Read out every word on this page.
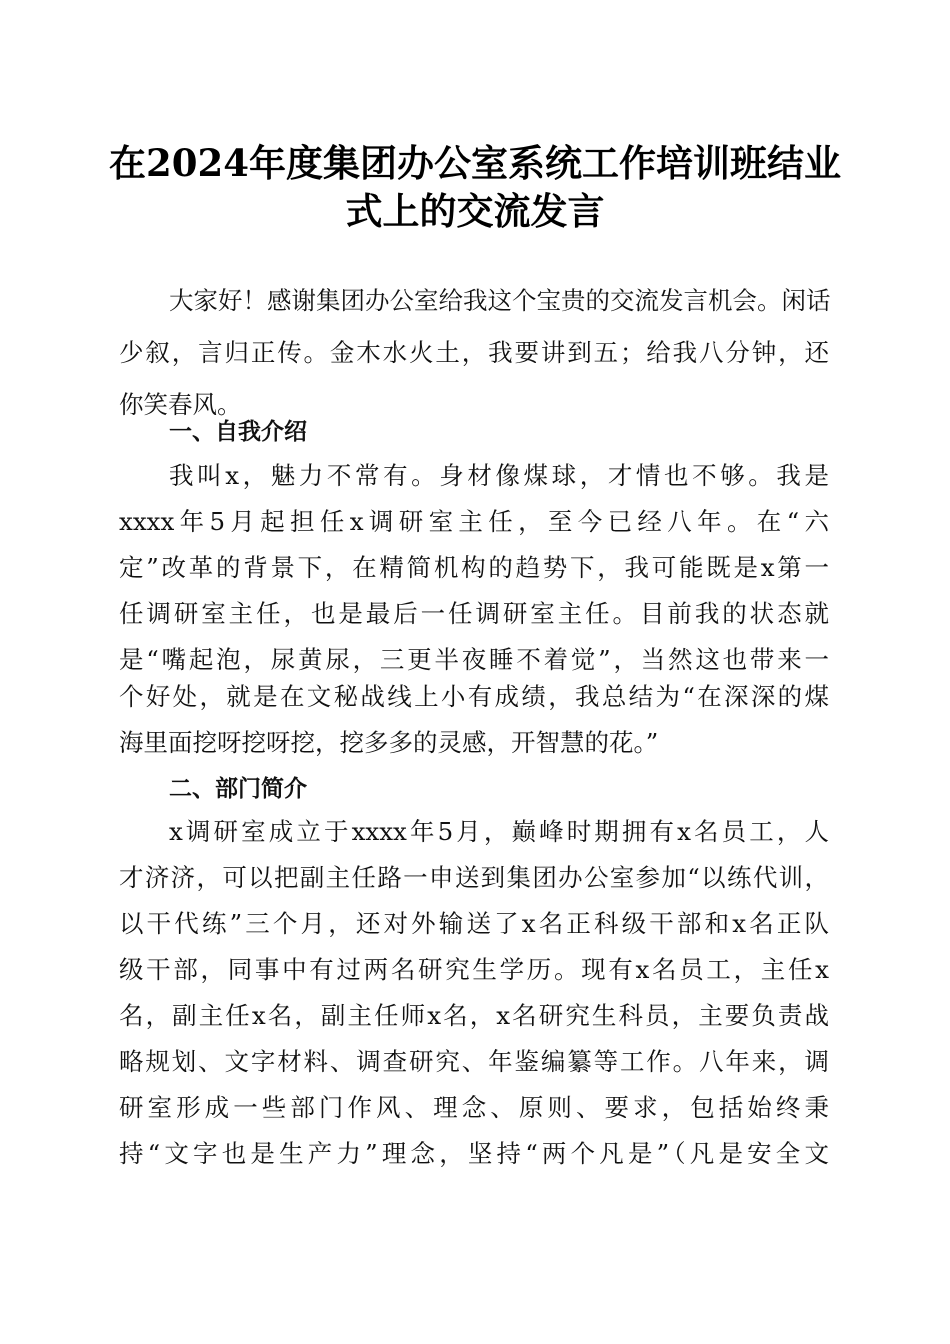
在2024年度集团办公室系统工作培训班结业
式上的交流发言
大家好！感谢集团办公室给我这个宝贵的交流发言机会。闲话
少叙，言归正传。金木水火土，我要讲到五；给我八分钟，还
你笑春风。
一、自我介绍
我叫x，魅力不常有。身材像煤球，才情也不够。我是
xxxx年5月起担任x调研室主任，至今已经八年。在“六
定”改革的背景下，在精简机构的趋势下，我可能既是x第一
任调研室主任，也是最后一任调研室主任。目前我的状态就
是“嘴起泡，尿黄尿，三更半夜睡不着觉”，当然这也带来一
个好处，就是在文秘战线上小有成绩，我总结为“在深深的煤
海里面挖呀挖呀挖，挖多多的灵感，开智慧的花。”
二、部门简介
x调研室成立于xxxx年5月，巅峰时期拥有x名员工，人
才济济，可以把副主任路一申送到集团办公室参加“以练代训，
以干代练”三个月，还对外输送了x名正科级干部和x名正队
级干部，同事中有过两名研究生学历。现有x名员工，主任x
名，副主任x名，副主任师x名，x名研究生科员，主要负责战
略规划、文字材料、调查研究、年鉴编纂等工作。八年来，调
研室形成一些部门作风、理念、原则、要求，包括始终秉
持“文字也是生产力”理念，坚持“两个凡是”（凡是安全文
